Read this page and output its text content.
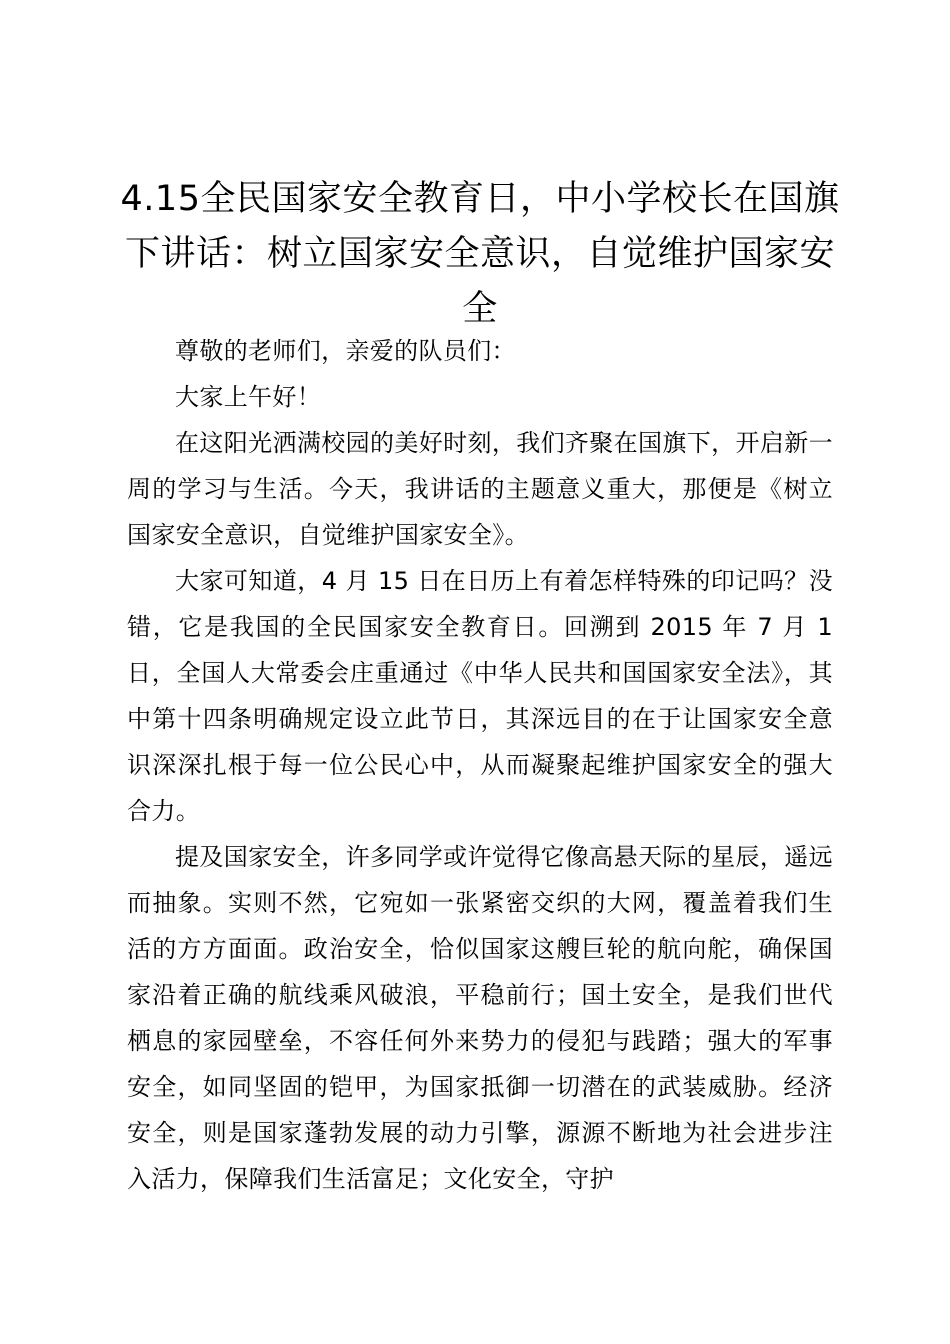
4.15全民国家安全教育日，中小学校长在国旗下讲话：树立国家安全意识，自觉维护国家安全

尊敬的老师们，亲爱的队员们：

大家上午好！

在这阳光洒满校园的美好时刻，我们齐聚在国旗下，开启新一周的学习与生活。今天，我讲话的主题意义重大，那便是《树立国家安全意识，自觉维护国家安全》。

大家可知道，4 月 15 日在日历上有着怎样特殊的印记吗？没错，它是我国的全民国家安全教育日。回溯到 2015 年 7 月 1 日，全国人大常委会庄重通过《中华人民共和国国家安全法》，其中第十四条明确规定设立此节日，其深远目的在于让国家安全意识深深扎根于每一位公民心中，从而凝聚起维护国家安全的强大合力。

提及国家安全，许多同学或许觉得它像高悬天际的星辰，遥远而抽象。实则不然，它宛如一张紧密交织的大网，覆盖着我们生活的方方面面。政治安全，恰似国家这艘巨轮的航向舵，确保国家沿着正确的航线乘风破浪，平稳前行；国土安全，是我们世代栖息的家园壁垒，不容任何外来势力的侵犯与践踏；强大的军事安全，如同坚固的铠甲，为国家抵御一切潜在的武装威胁。经济安全，则是国家蓬勃发展的动力引擎，源源不断地为社会进步注入活力，保障我们生活富足；文化安全，守护
